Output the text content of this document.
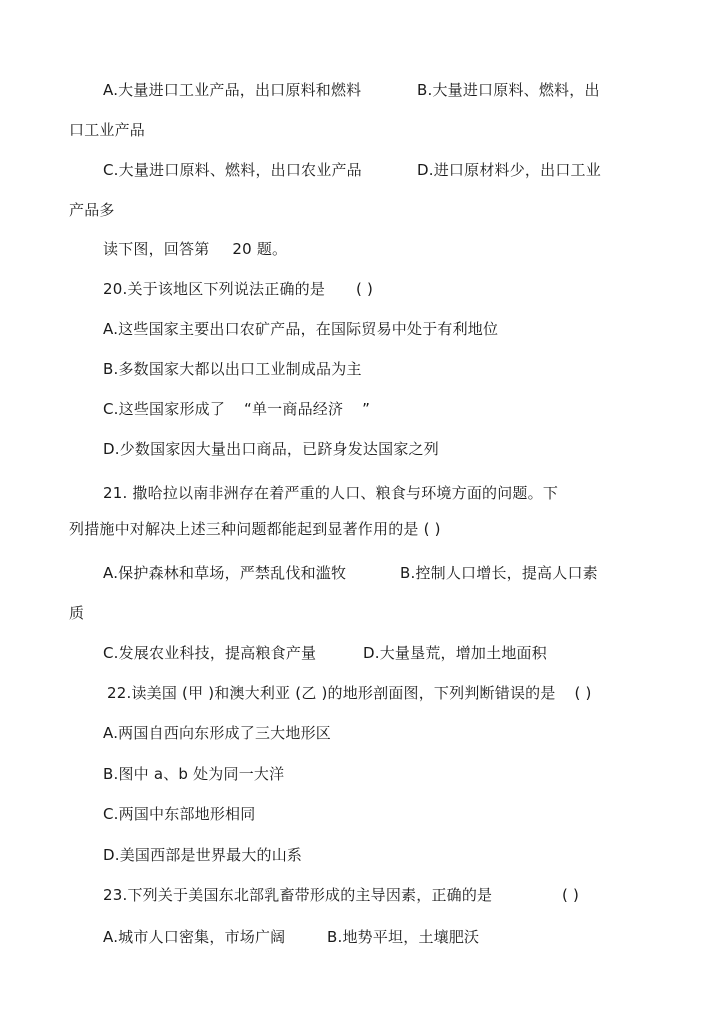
A.大量进口工业产品，出口原料和燃料	B.大量进口原料、燃料，出
口工业产品
C.大量进口原料、燃料，出口农业产品	D.进口原材料少，出口工业
产品多
读下图，回答第 20 题。
20.关于该地区下列说法正确的是 ( )
A.这些国家主要出口农矿产品，在国际贸易中处于有利地位
B.多数国家大都以出口工业制成品为主
C.这些国家形成了 “单一商品经济 ”
D.少数国家因大量出口商品，已跻身发达国家之列
21. 撒哈拉以南非洲存在着严重的人口、粮食与环境方面的问题。下
列措施中对解决上述三种问题都能起到显著作用的是 ( )
A.保护森林和草场，严禁乱伐和滥牧	B.控制人口增长，提高人口素
质
C.发展农业科技，提高粮食产量	D.大量垦荒，增加土地面积
22.读美国 (甲 )和澳大利亚 (乙 )的地形剖面图，下列判断错误的是 ( )
A.两国自西向东形成了三大地形区
B.图中 a、b 处为同一大洋
C.两国中东部地形相同
D.美国西部是世界最大的山系
23.下列关于美国东北部乳畜带形成的主导因素，正确的是	( )
A.城市人口密集，市场广阔	B.地势平坦，土壤肥沃
